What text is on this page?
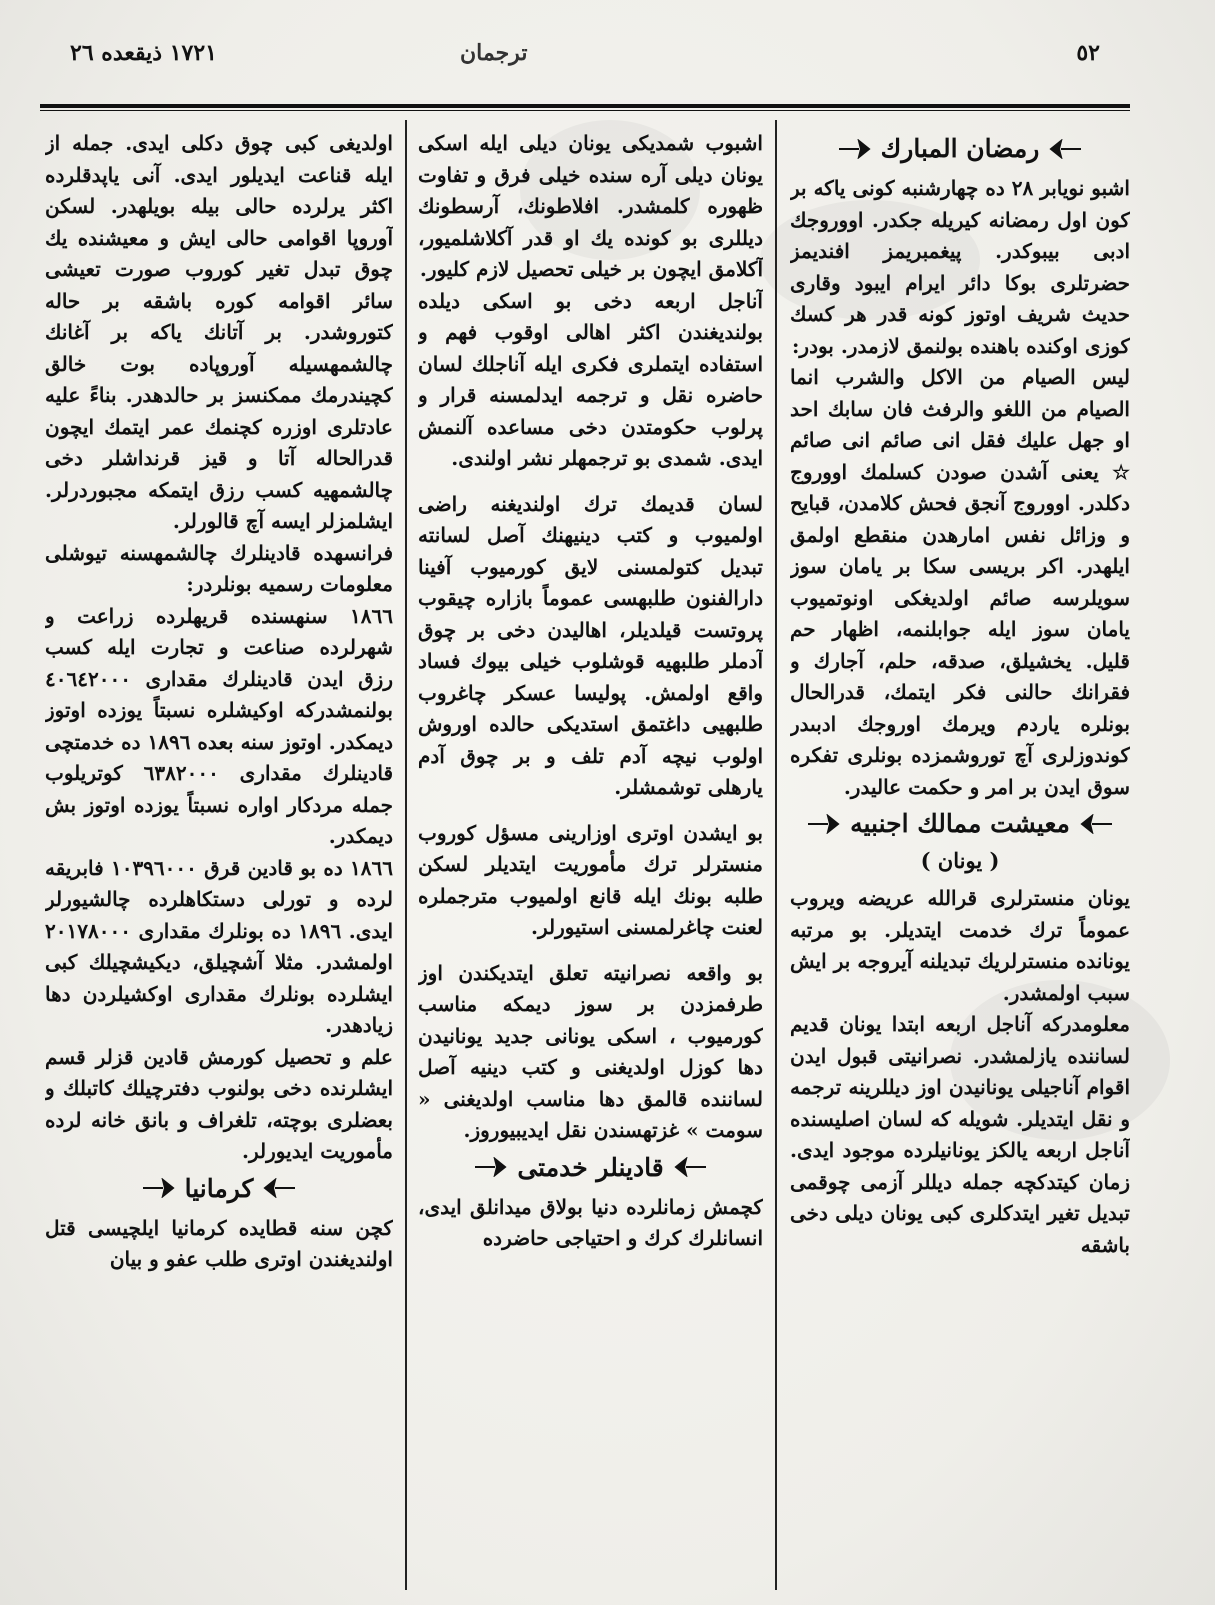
١٧٢١ ذيقعده ٢٦	ترجمان	٥٢
رمضان المبارك

اشبو نويابر ٢٨ ده چهارشنبه كونى ياكه بر كون اول رمضانه كيريله جكدر. اووروجك ادبى بيبوكدر. پيغمبريمز افنديمز حضرتلرى بوكا دائر ايرام ايبود وقارى حديث شريف اوتوز كونه قدر هر كسك كوزى اوكنده باهنده بولنمق لازمدر. بودر:

ليس الصيام من الاكل والشرب انما الصيام من اللغو والرفث فان سابك احد او جهل عليك فقل انى صائم انى صائم ☆ يعنى آشدن صودن كسلمك اووروج دكلدر. اووروج آنجق فحش كلامدن، قبايح و وزائل نفس امارهدن منقطع اولمق ايلهدر. اكر بريسى سكا بر يامان سوز سويلرسه صائم اولديغكى اونوتميوب يامان سوز ايله جوابلنمه، اظهار حم قليل. يخشيلق، صدقه، حلم، آجارك و فقرانك حالنى فكر ايتمك، قدرالحال بونلره ياردم ويرمك اوروجك ادبىدر كوندوزلرى آچ توروشمزده بونلرى تفكره سوق ايدن بر امر و حكمت عاليدر.

معيشت ممالك اجنبيه
( يونان )

يونان منسترلرى قرالله عريضه ويروب عموماً ترك خدمت ايتديلر. بو مرتبه يونانده منسترلريك تبديلنه آيروجه بر ايش سبب اولمشدر.

معلومدركه آناجل اربعه ابتدا يونان قديم لساننده يازلمشدر. نصرانيتى قبول ايدن اقوام آناجيلى يونانيدن اوز ديللرينه ترجمه و نقل ايتديلر. شويله كه لسان اصليسنده آناجل اربعه يالكز يونانيلرده موجود ايدى. زمان كيتدكچه جمله ديللر آزمى چوقمى تبديل تغير ايتدكلرى كبى يونان ديلى دخى باشقه

اشبوب شمديكى يونان ديلى ايله اسكى يونان ديلى آره سنده خيلى فرق و تفاوت ظهوره كلمشدر. افلاطونك، آرسطونك ديللرى بو كونده يك او قدر آكلاشلميور، آكلامق ايچون بر خيلى تحصيل لازم كليور.

آناجل اربعه دخى بو اسكى ديلده بولنديغندن اكثر اهالى اوقوب فهم و استفاده ايتملرى فكرى ايله آناجلك لسان حاضره نقل و ترجمه ايدلمسنه قرار و پرلوب حكومتدن دخى مساعده آلنمش ايدى. شمدى بو ترجمهلر نشر اولندى.

لسان قديمك ترك اولنديغنه راضى اولميوب و كتب دينيهنك آصل لسانته تبديل كتولمسنى لايق كورميوب آفينا دارالفنون طلبهسى عموماً بازاره چيقوب پروتست قيلديلر، اهاليدن دخى بر چوق آدملر طلبهيه قوشلوب خيلى بيوك فساد واقع اولمش. پوليسا عسكر چاغروب طلبهيى داغتمق استديكى حالده اوروش اولوب نيچه آدم تلف و بر چوق آدم يارهلى توشمشلر.

بو ايشدن اوترى اوزارينى مسؤل كوروب منسترلر ترك مأموريت ايتديلر لسكن طلبه بونك ايله قانع اولميوب مترجملره لعنت چاغرلمسنى استيورلر.

بو واقعه نصرانيته تعلق ايتديكندن اوز طرفمزدن بر سوز ديمكه مناسب كورميوب ، اسكى يونانى جديد يونانيدن دها كوزل اولديغنى و كتب دينيه آصل لساننده قالمق دها مناسب اولديغنى « سومت » غزتهسندن نقل ايديبيوروز.

قادينلر خدمتى

كچمش زمانلرده دنيا بولاق ميدانلق ايدى، انسانلرك كرك و احتياجى حاضرده

اولديغى كبى چوق دكلى ايدى. جمله از ايله قناعت ايديلور ايدى. آنى ياپدقلرده اكثر يرلرده حالى بيله بويلهدر. لسكن آوروپا اقوامى حالى ايش و معيشنده يك چوق تبدل تغير كوروب صورت تعيشى سائر اقوامه كوره باشقه بر حاله كتوروشدر. بر آتانك ياكه بر آغانك چالشمهسيله آوروپاده بوت خالق كچيندرمك ممكنسز بر حالدهدر. بناءً عليه عادتلرى اوزره كچنمك عمر ايتمك ايچون قدرالحاله آتا و قيز قرنداشلر دخى چالشمهيه كسب رزق ايتمكه مجبوردرلر. ايشلمزلر ايسه آچ قالورلر.

فرانسهده قادينلرك چالشمهسنه تيوشلى معلومات رسميه بونلردر:

١٨٦٦ سنهسنده قريهلرده زراعت و شهرلرده صناعت و تجارت ايله كسب رزق ايدن قادينلرك مقدارى ٤٠٦٤٢٠٠٠ بولنمشدركه اوكيشلره نسبتاً يوزده اوتوز ديمكدر. اوتوز سنه بعده ١٨٩٦ ده خدمتچى قادينلرك مقدارى ٦٣٨٢٠٠٠ كوتريلوب جمله مردكار اواره نسبتاً يوزده اوتوز بش ديمكدر.

١٨٦٦ ده بو قادين قرق ١٠٣٩٦٠٠٠ فابريقه لرده و تورلى دستكاهلرده چالشيورلر ايدى. ١٨٩٦ ده بونلرك مقدارى ٢٠١٧٨٠٠٠ اولمشدر. مثلا آشچيلق، ديكيشچيلك كبى ايشلرده بونلرك مقدارى اوكشيلردن دها زيادهدر.

علم و تحصيل كورمش قادين قزلر قسم ايشلرنده دخى بولنوب دفترچيلك كاتبلك و بعضلرى بوچته، تلغراف و بانق خانه لرده مأموريت ايديورلر.

كرمانيا

كچن سنه قطايده كرمانيا ايلچيسى قتل اولنديغندن اوترى طلب عفو و بيان
